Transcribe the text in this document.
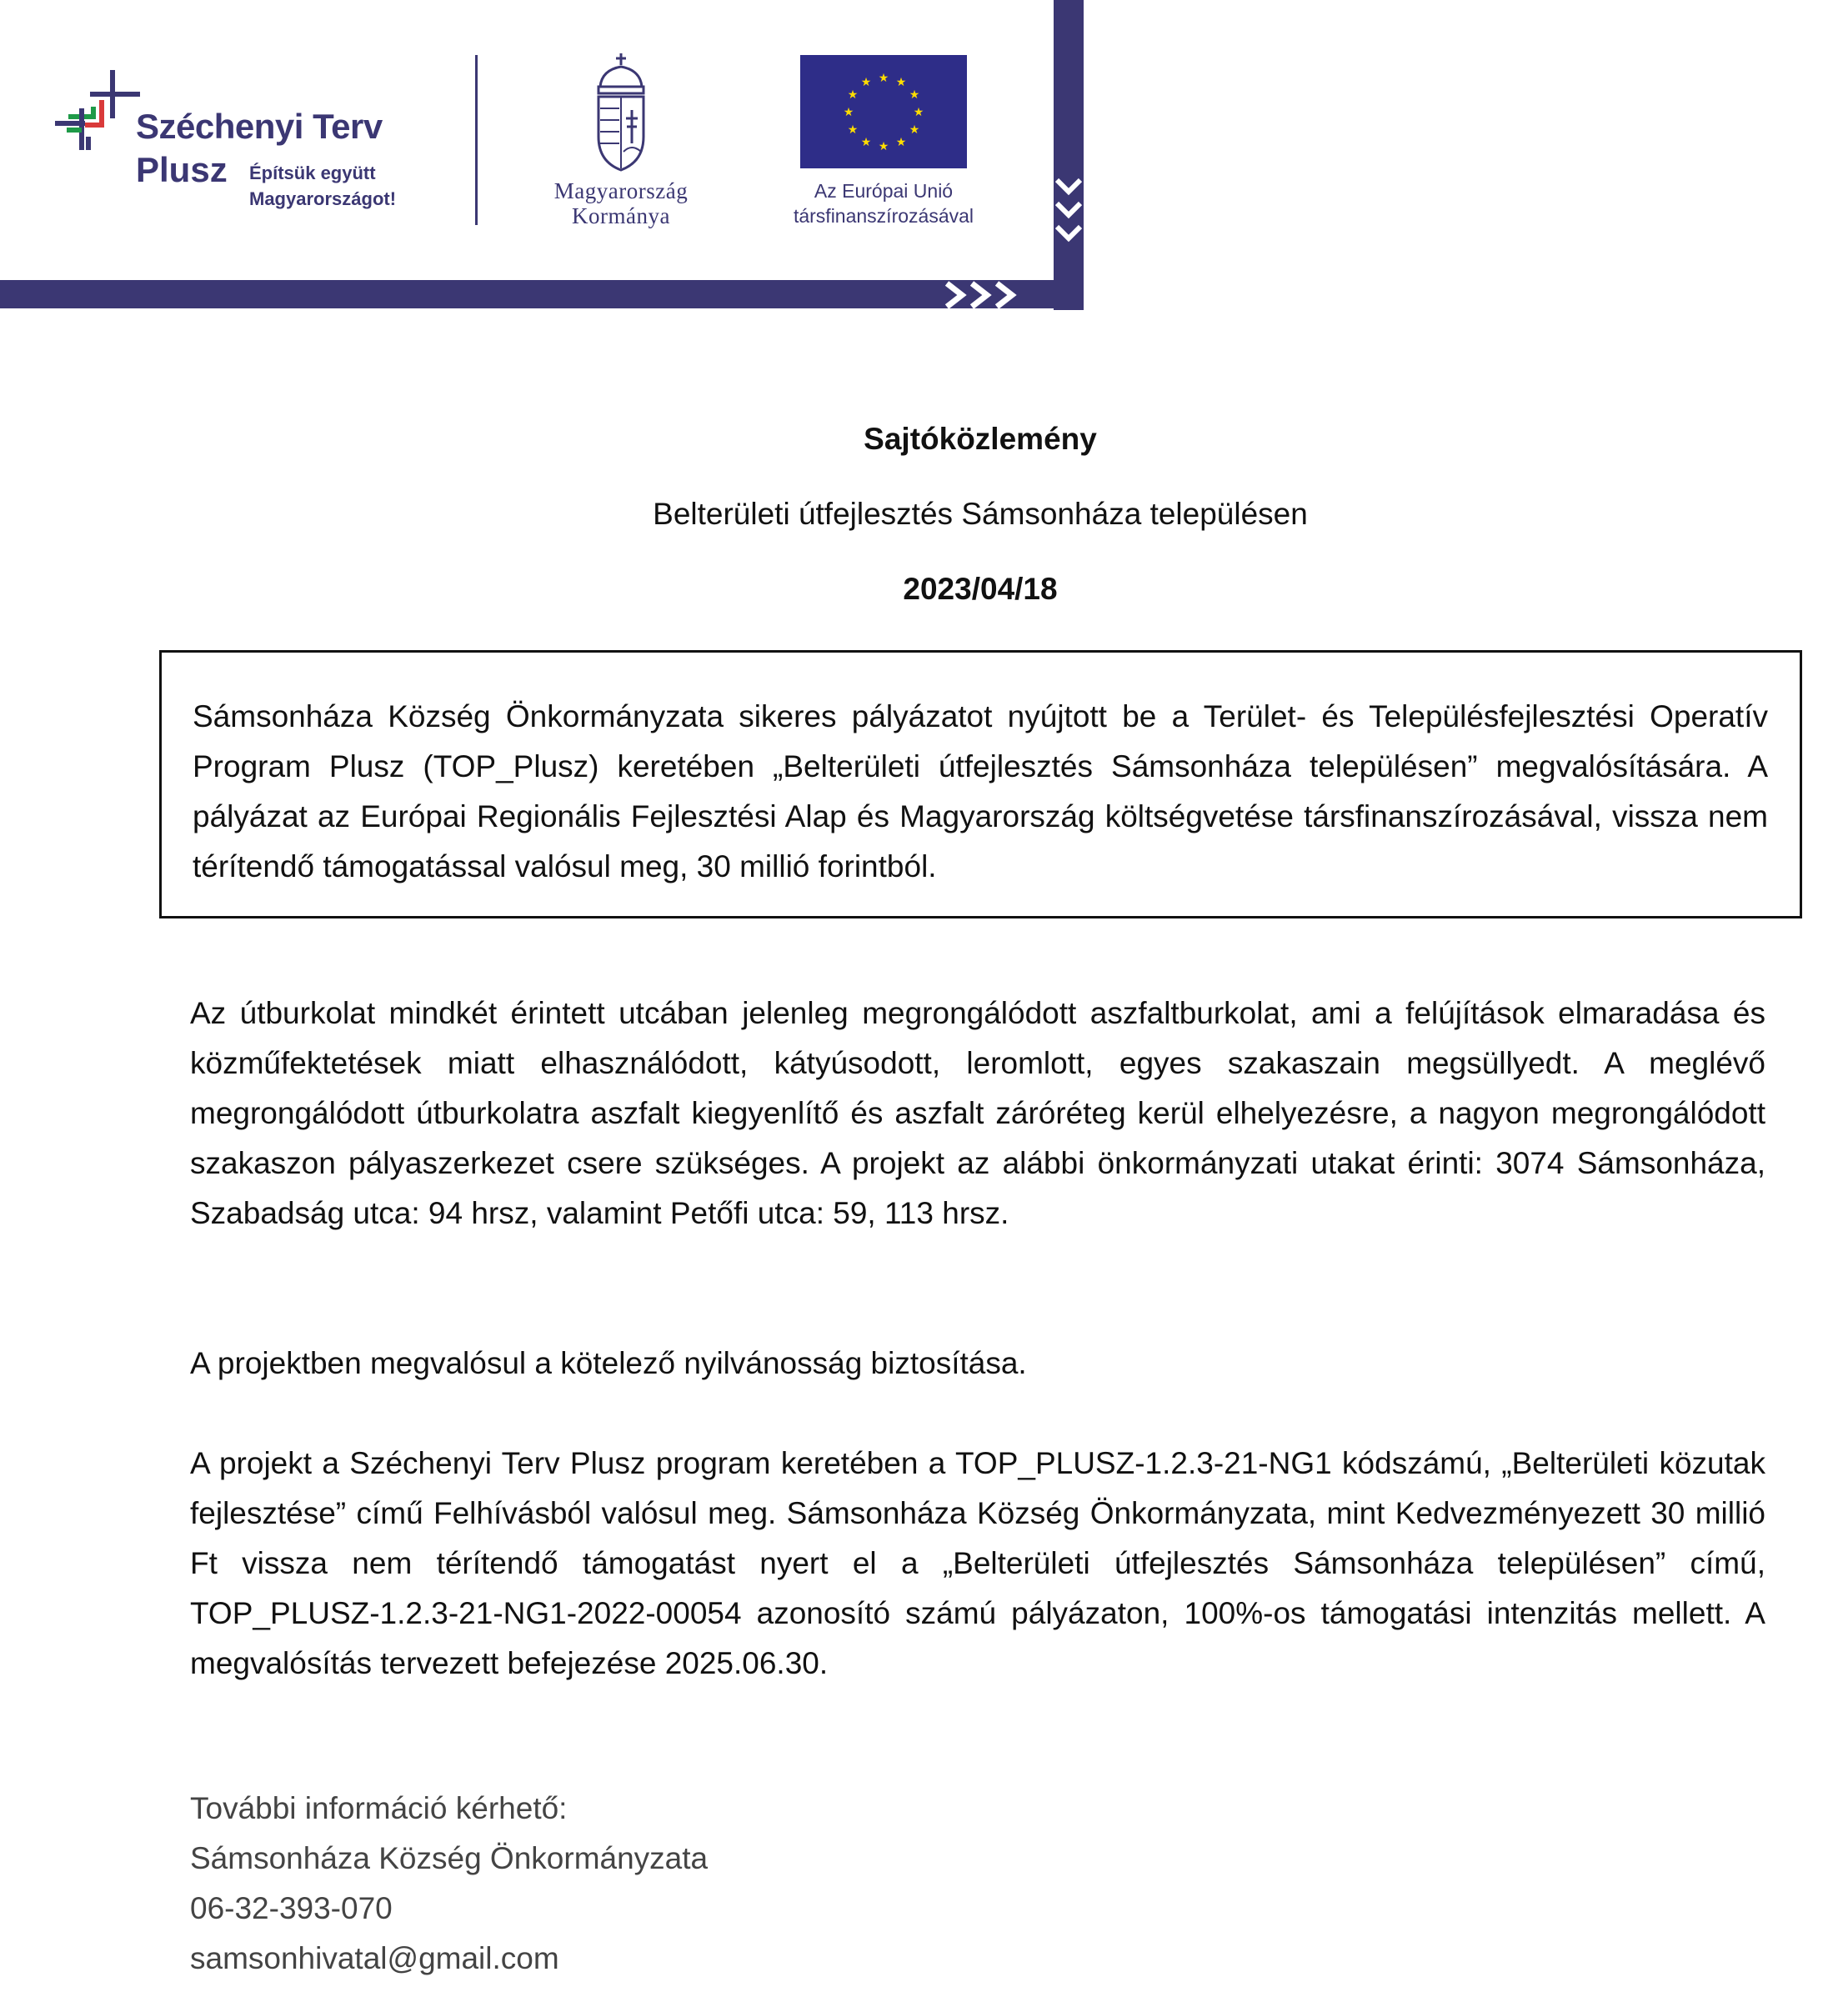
Széchenyi Terv
Plusz Építsük együtt
Magyarországot!	Magyarország
Kormánya
★ ★
★
★
★
★
★
★
★
★
★
★
Az Európai Unió
társfinanszírozásával
Sajtóközlemény
Belterületi útfejlesztés Sámsonháza településen
2023/04/18

Sámsonháza Község Önkormányzata sikeres pályázatot nyújtott be a Terület- és Településfejlesztési Operatív Program Plusz (TOP_Plusz) keretében „Belterületi útfejlesztés Sámsonháza településen” megvalósítására. A pályázat az Európai Regionális Fejlesztési Alap és Magyarország költségvetése társfinanszírozásával, vissza nem térítendő támogatással valósul meg, 30 millió forintból.

Az útburkolat mindkét érintett utcában jelenleg megrongálódott aszfaltburkolat, ami a felújítások elmaradása és közműfektetések miatt elhasználódott, kátyúsodott, leromlott, egyes szakaszain megsüllyedt. A meglévő megrongálódott útburkolatra aszfalt kiegyenlítő és aszfalt záróréteg kerül elhelyezésre, a nagyon megrongálódott szakaszon pályaszerkezet csere szükséges. A projekt az alábbi önkormányzati utakat érinti: 3074 Sámsonháza, Szabadság utca: 94 hrsz, valamint Petőfi utca: 59, 113 hrsz.

A projektben megvalósul a kötelező nyilvánosság biztosítása.

A projekt a Széchenyi Terv Plusz program keretében a TOP_PLUSZ-1.2.3-21-NG1 kódszámú, „Belterületi közutak fejlesztése” című Felhívásból valósul meg. Sámsonháza Község Önkormányzata, mint Kedvezményezett 30 millió Ft vissza nem térítendő támogatást nyert el a „Belterületi útfejlesztés Sámsonháza településen” című, TOP_PLUSZ-1.2.3-21-NG1-2022-00054 azonosító számú pályázaton, 100%-os támogatási intenzitás mellett. A megvalósítás tervezett befejezése 2025.06.30.

További információ kérhető:
Sámsonháza Község Önkormányzata
06-32-393-070
samsonhivatal@gmail.com
